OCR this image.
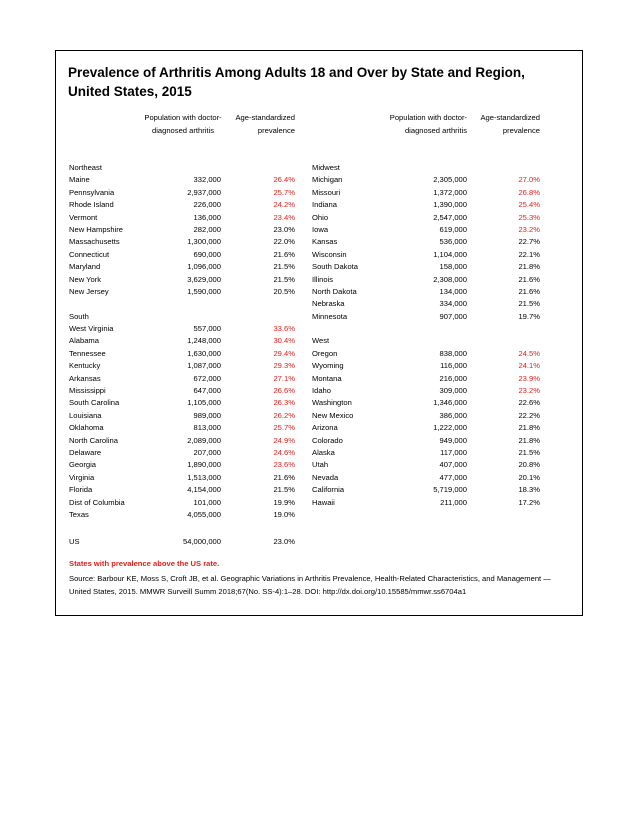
Prevalence of Arthritis Among Adults 18 and Over by State and Region, United States, 2015
Population with doctor-diagnosed arthritis
Age-standardized prevalence
Northeast
Maine	332,000	26.4%
Pennsylvania	2,937,000	25.7%
Rhode Island	226,000	24.2%
Vermont	136,000	23.4%
New Hampshire	282,000	23.0%
Massachusetts	1,300,000	22.0%
Connecticut	690,000	21.6%
Maryland	1,096,000	21.5%
New York	3,629,000	21.5%
New Jersey	1,590,000	20.5%
South
West Virginia	557,000	33.6%
Alabama	1,248,000	30.4%
Tennessee	1,630,000	29.4%
Kentucky	1,087,000	29.3%
Arkansas	672,000	27.1%
Mississippi	647,000	26.6%
South Carolina	1,105,000	26.3%
Louisiana	989,000	26.2%
Oklahoma	813,000	25.7%
North Carolina	2,089,000	24.9%
Delaware	207,000	24.6%
Georgia	1,890,000	23.6%
Virginia	1,513,000	21.6%
Florida	4,154,000	21.5%
Dist of Columbia	101,000	19.9%
Texas	4,055,000	19.0%
Population with doctor-diagnosed arthritis
Age-standardized prevalence
Midwest
Michigan	2,305,000	27.0%
Missouri	1,372,000	26.8%
Indiana	1,390,000	25.4%
Ohio	2,547,000	25.3%
Iowa	619,000	23.2%
Kansas	536,000	22.7%
Wisconsin	1,104,000	22.1%
South Dakota	158,000	21.8%
Illinois	2,308,000	21.6%
North Dakota	134,000	21.6%
Nebraska	334,000	21.5%
Minnesota	907,000	19.7%
West
Oregon	838,000	24.5%
Wyoming	116,000	24.1%
Montana	216,000	23.9%
Idaho	309,000	23.2%
Washington	1,346,000	22.6%
New Mexico	386,000	22.2%
Arizona	1,222,000	21.8%
Colorado	949,000	21.8%
Alaska	117,000	21.5%
Utah	407,000	20.8%
Nevada	477,000	20.1%
California	5,719,000	18.3%
Hawaii	211,000	17.2%
US	54,000,000	23.0%
States with prevalence above the US rate.
Source: Barbour KE, Moss S, Croft JB, et al. Geographic Variations in Arthritis Prevalence, Health-Related Characteristics, and Management — United States, 2015. MMWR Surveill Summ 2018;67(No. SS-4):1–28. DOI: http://dx.doi.org/10.15585/mmwr.ss6704a1
